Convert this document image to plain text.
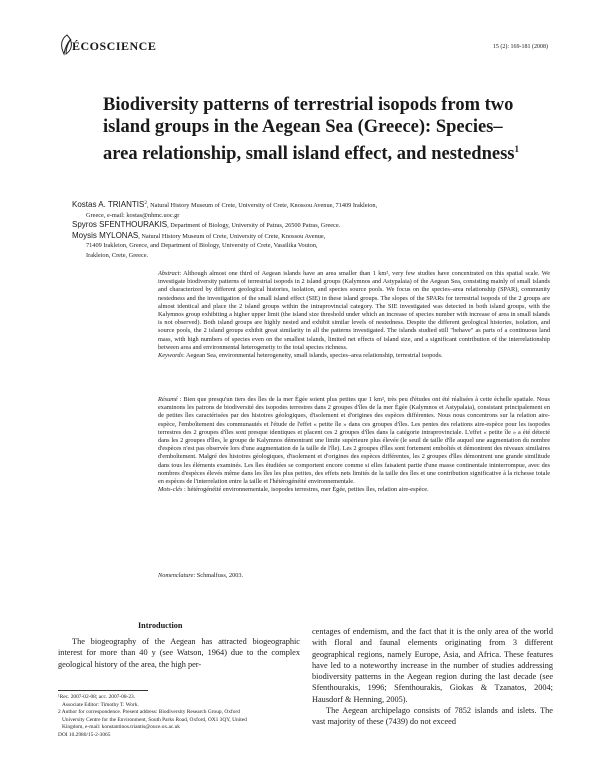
ÉCOSCIENCE	15 (2): 169-181 (2008)
Biodiversity patterns of terrestrial isopods from two island groups in the Aegean Sea (Greece): Species–area relationship, small island effect, and nestedness$^1$

Kostas A. TRIANTIS$^2$, Natural History Museum of Crete, University of Crete, Knossou Avenue, 71409 Irakleion,

Greece, e-mail: kostas@nhmc.uoc.gr

Spyros SFENTHOURAKIS, Department of Biology, University of Patras, 26500 Patras, Greece.

Moysis MYLONAS, Natural History Museum of Crete, University of Crete, Knossou Avenue,

71409 Irakleion, Greece, and Department of Biology, University of Crete, Vassilika Vouton,

Irakleion, Crete, Greece.

Abstract: Although almost one third of Aegean islands have an area smaller than 1 km², very few studies have concentrated on this spatial scale. We investigate biodiversity patterns of terrestrial isopods in 2 island groups (Kalymnos and Astypalaia) of the Aegean Sea, consisting mainly of small islands and characterized by different geological histories, isolation, and species source pools. We focus on the species–area relationship (SPAR), community nestedness and the investigation of the small island effect (SIE) in these island groups. The slopes of the SPARs for terrestrial isopods of the 2 groups are almost identical and place the 2 island groups within the intraprovincial category. The SIE investigated was detected in both island groups, with the Kalymnos group exhibiting a higher upper limit (the island size threshold under which an increase of species number with increase of area in small islands is not observed). Both island groups are highly nested and exhibit similar levels of nestedness. Despite the different geological histories, isolation, and source pools, the 2 island groups exhibit great similarity in all the patterns investigated. The islands studied still "behave" as parts of a continuous land mass, with high numbers of species even on the smallest islands, limited net effects of island size, and a significant contribution of the interrelationship between area and environmental heterogeneity to the total species richness.

Keywords: Aegean Sea, environmental heterogeneity, small islands, species–area relationship, terrestrial isopods.

Résumé : Bien que presqu'un tiers des îles de la mer Égée soient plus petites que 1 km², très peu d'études ont été réalisées à cette échelle spatiale. Nous examinons les patrons de biodiversité des isopodes terrestres dans 2 groupes d'îles de la mer Égée (Kalymnos et Astypalaia), consistant principalement en de petites îles caractérisées par des histoires géologiques, d'isolement et d'origines des espèces différentes. Nous nous concentrons sur la relation aire-espèce, l'emboîtement des communautés et l'étude de l'effet « petite île » dans ces groupes d'îles. Les pentes des relations aire-espèce pour les isopodes terrestres des 2 groupes d'îles sont presque identiques et placent ces 2 groupes d'îles dans la catégorie intraprovinciale. L'effet « petite île » a été détecté dans les 2 groupes d'îles, le groupe de Kalymnos démontrant une limite supérieure plus élevée (le seuil de taille d'île auquel une augmentation du nombre d'espèces n'est pas observée lors d'une augmentation de la taille de l'île). Les 2 groupes d'îles sont fortement emboîtés et démontrent des niveaux similaires d'emboîtement. Malgré des histoires géologiques, d'isolement et d'origines des espèces différentes, les 2 groupes d'îles démontrent une grande similitude dans tous les éléments examinés. Les îles étudiées se comportent encore comme si elles faisaient partie d'une masse continentale ininterrompue, avec des nombres d'espèces élevés même dans les îles les plus petites, des effets nets limités de la taille des îles et une contribution significative à la richesse totale en espèces de l'interrelation entre la taille et l'hétérogénéité environnementale.

Mots-clés : hétérogénéité environnementale, isopodes terrestres, mer Égée, petites îles, relation aire-espèce.

Nomenclature: Schmalfuss, 2003.
Introduction

The biogeography of the Aegean has attracted biogeographic interest for more than 40 y (see Watson, 1964) due to the complex geological history of the area, the high per-

centages of endemism, and the fact that it is the only area of the world with floral and faunal elements originating from 3 different geographical regions, namely Europe, Asia, and Africa. These features have led to a noteworthy increase in the number of studies addressing biodiversity patterns in the Aegean region during the last decade (see Sfenthourakis, 1996; Sfenthourakis, Giokas & Tzanatos, 2004; Hausdorf & Henning, 2005).

The Aegean archipelago consists of 7852 islands and islets. The vast majority of these (7439) do not exceed

¹Rec. 2007-02-08; acc. 2007-08-23.

Associate Editor: Timothy T. Work.

2 Author for correspondence. Present address: Biodiversity Research Group, Oxford

University Centre for the Environment, South Parks Road, Oxford, OX1 3QY, United

Kingdom, e-mail: konstantinos.triantis@ouce.ox.ac.uk

DOI 10.2980/15-2-3065
